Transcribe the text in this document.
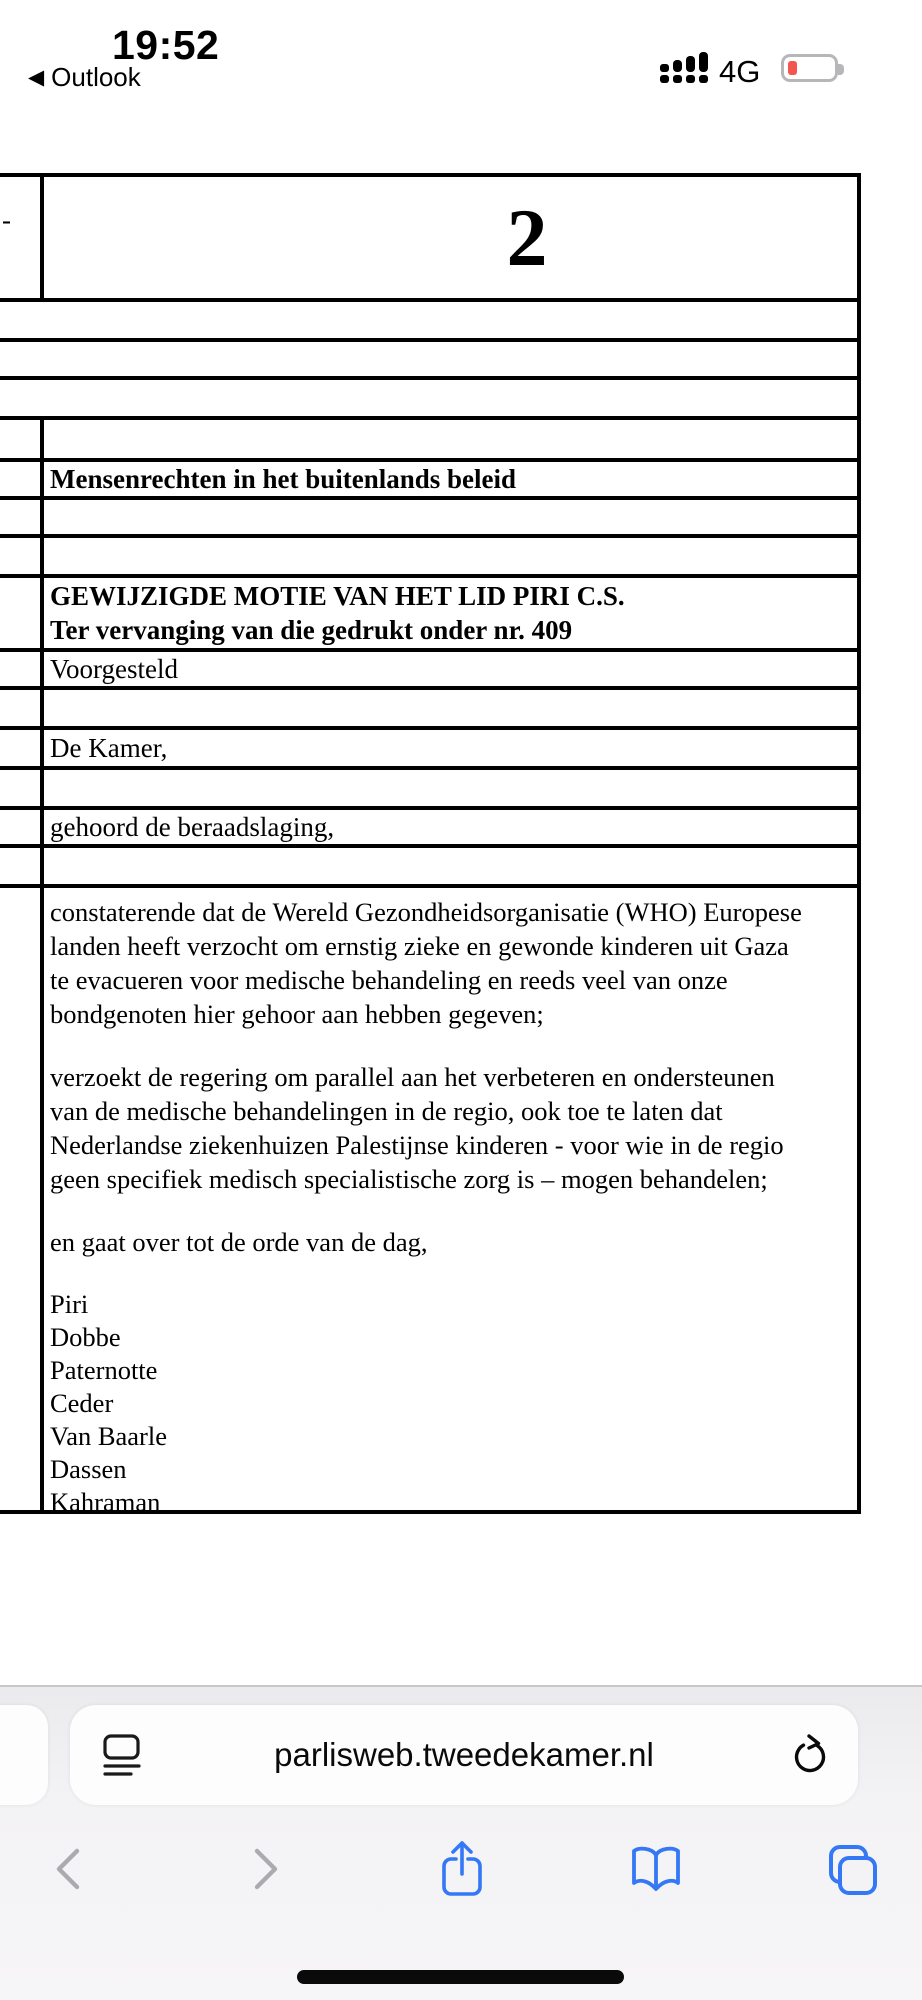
19:52
◀ Outlook	4G
-	2
Mensenrechten in het buitenlands beleid
GEWIJZIGDE MOTIE VAN HET LID PIRI C.S.
Ter vervanging van die gedrukt onder nr. 409
Voorgesteld
De Kamer,
gehoord de beraadslaging,

constaterende dat de Wereld Gezondheidsorganisatie (WHO) Europese
landen heeft verzocht om ernstig zieke en gewonde kinderen uit Gaza
te evacueren voor medische behandeling en reeds veel van onze
bondgenoten hier gehoor aan hebben gegeven;

verzoekt de regering om parallel aan het verbeteren en ondersteunen
van de medische behandelingen in de regio, ook toe te laten dat
Nederlandse ziekenhuizen Palestijnse kinderen - voor wie in de regio
geen specifiek medisch specialistische zorg is – mogen behandelen;

en gaat over tot de orde van de dag,

Piri
Dobbe
Paternotte
Ceder
Van Baarle
Dassen
Kahraman
parlisweb.tweedekamer.nl
